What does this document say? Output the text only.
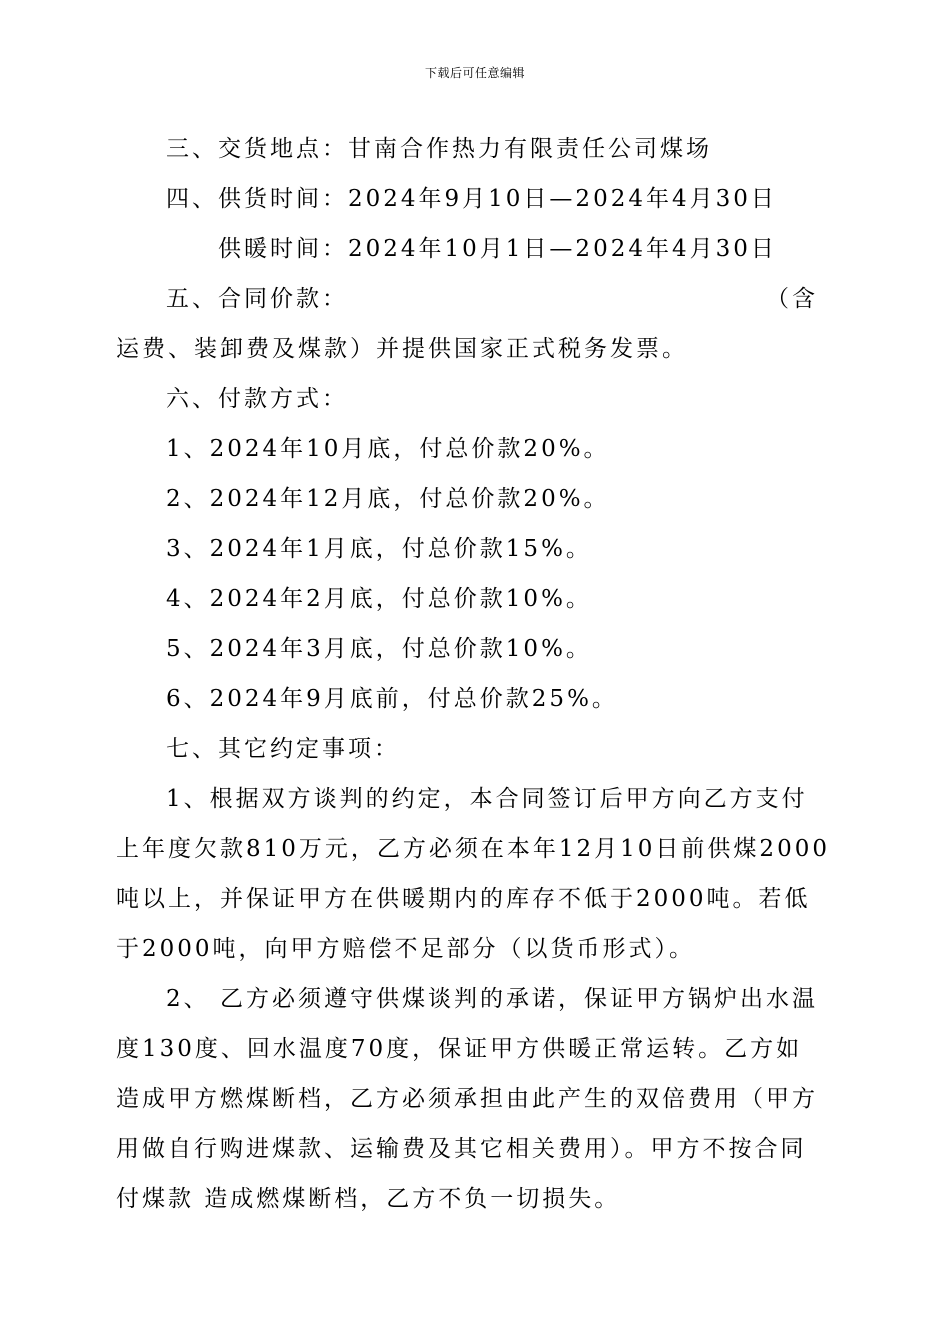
下载后可任意编辑
三、交货地点：甘南合作热力有限责任公司煤场
四、供货时间：2024年9月10日—2024年4月30日
供暖时间：2024年10月1日—2024年4月30日
五、合同价款：	（含
运费、装卸费及煤款）并提供国家正式税务发票。
六、付款方式：
1、2024年10月底，付总价款20%。
2、2024年12月底，付总价款20%。
3、2024年1月底，付总价款15%。
4、2024年2月底，付总价款10%。
5、2024年3月底，付总价款10%。
6、2024年9月底前，付总价款25%。
七、其它约定事项：
1、根据双方谈判的约定，本合同签订后甲方向乙方支付
上年度欠款810万元，乙方必须在本年12月10日前供煤2000
吨以上，并保证甲方在供暖期内的库存不低于2000吨。若低
于2000吨，向甲方赔偿不足部分（以货币形式）。
2、 乙方必须遵守供煤谈判的承诺，保证甲方锅炉出水温
度130度、回水温度70度，保证甲方供暖正常运转。乙方如
造成甲方燃煤断档，乙方必须承担由此产生的双倍费用（甲方
用做自行购进煤款、运输费及其它相关费用）。甲方不按合同
付煤款 造成燃煤断档，乙方不负一切损失。
